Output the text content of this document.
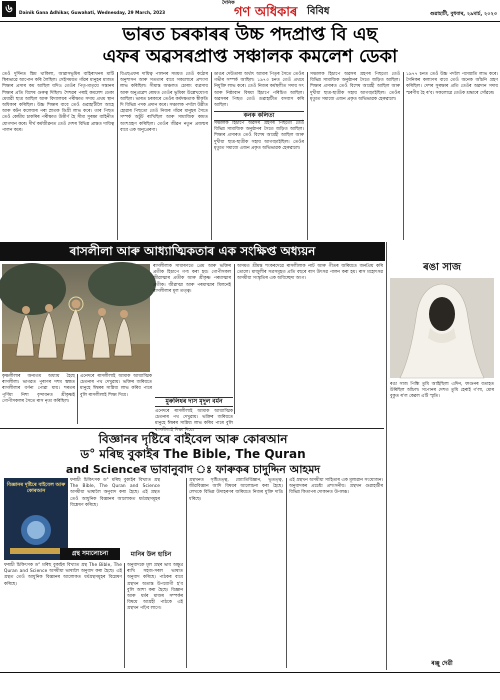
৬	Dainik Gana Adhikar, Guwahati, Wednesday, 29 March, 2023
দৈনিক
গণ অধিকাৰ বিবিধ	গুৱাহাটী, বুধবাৰ, ২৯মাৰ্চ, ২০২৩
ভাৰত চৰকাৰৰ উচ্চ পদপ্ৰাপ্ত বি এছ
এফৰ অৱসৰপ্ৰাপ্ত সঞ্চালক কমলেশ ডেকা
তেওঁ দুৰ্দিনত স্তিম থাকিলা, আৱাসভূমিৰ বাহিৰাখনৰ মাটি স্থিৰভাৱে আপোন কৰি লৈছিল। সেইসময়ত গাঁৱৰ মানুহৰ মাজত শিক্ষাৰ প্ৰসাৰ কম আছিল যদিও তেওঁৰ পিতৃ-মাতৃয়ে সন্তানৰ শিক্ষাৰ প্ৰতি বিশেষ গুৰুত্ব দিছিল। শৈশৱৰ পৰাই কমলেশ ডেকা মেধাৱী ছাত্ৰ আছিল আৰু বিদ্যালয়ৰ পৰীক্ষাত সদায় প্ৰথম স্থান অধিকাৰ কৰিছিল। উচ্চ শিক্ষাৰ বাবে তেওঁ গুৱাহাটীলৈ আহে আৰু কটন কলেজৰ পৰা স্নাতক ডিগ্ৰী লাভ কৰে। তাৰ পিছত তেওঁ কেন্দ্ৰীয় চাকৰিৰ পৰীক্ষাত উত্তীৰ্ণ হৈ সীমা সুৰক্ষা বাহিনীত যোগদান কৰে। দীৰ্ঘ কৰ্মজীৱনত তেওঁ দেশৰ বিভিন্ন প্ৰান্তত দায়িত্ব পালন কৰে।
বিএছএফৰ দায়িত্ব পালনৰ সময়ত তেওঁ কঠোৰ অনুশাসন আৰু সততাৰ বাবে সকলোৰে প্ৰশংসা লাভ কৰিছিল। সীমান্ত অঞ্চলত চোৰাং ব্যৱসায় আৰু অনুপ্ৰৱেশ ৰোধত তেওঁৰ ভূমিকা উল্লেখযোগ্য আছিল। ভাৰত চৰকাৰে তেওঁৰ কৰ্মদক্ষতাক স্বীকৃতি দি বিভিন্ন পদক প্ৰদান কৰে। সঞ্চালক পদলৈ উন্নীত হোৱাৰ পিছতো তেওঁ নিজৰ গাঁৱৰ মানুহৰ সৈতে সম্পৰ্ক অটুট ৰাখিছিল আৰু সামাজিক কামত অংশগ্ৰহণ কৰিছিল। তেওঁৰ জীৱন নতুন প্ৰজন্মৰ বাবে এক অনুপ্ৰেৰণা।
ডাঙৰ দেউতাৰা অৰ্থাৎ আমাৰ পিতৃৰ সৈতে তেওঁৰ গভীৰ সম্পৰ্ক আছিল। ১৯৭৩ চনত তেওঁ প্ৰথমে নিযুক্তি লাভ কৰে। তেওঁ নিজৰ কৰ্মস্থলীত সদায় সৎ আৰু নিষ্ঠাবান বিষয়া হিচাপে পৰিচিত আছিল। অৱসৰৰ পিছত তেওঁ গুৱাহাটীত বসবাস কৰি আছিল।
কনক কলিতা
সঞ্চালক হিচাপে অৱসৰ গ্ৰহণৰ পিছতো তেওঁ বিভিন্ন সামাজিক অনুষ্ঠানৰ সৈতে জড়িত আছিল। শিক্ষাৰ প্ৰসাৰত তেওঁ বিশেষ আগ্ৰহী আছিল আৰু দুখীয়া ছাত্ৰ-ছাত্ৰীক সহায় আগবঢ়াইছিল। তেওঁৰ মৃত্যুত সমাজে এজন প্ৰকৃত অভিভাৱক হেৰুৱালে।
সঞ্চালক হিচাপে অৱসৰ গ্ৰহণৰ পিছতো তেওঁ বিভিন্ন সামাজিক অনুষ্ঠানৰ সৈতে জড়িত আছিল। শিক্ষাৰ প্ৰসাৰত তেওঁ বিশেষ আগ্ৰহী আছিল আৰু দুখীয়া ছাত্ৰ-ছাত্ৰীক সহায় আগবঢ়াইছিল। তেওঁৰ মৃত্যুত সমাজে এজন প্ৰকৃত অভিভাৱক হেৰুৱালে।
১৯৭৭ চনত তেওঁ উচ্চ পদলৈ পদোন্নতি লাভ কৰে। সৈনিকৰ কল্যাণৰ বাবে তেওঁ অনেক আঁচনি গ্ৰহণ কৰিছিল। দেশৰ সুৰক্ষাৰ প্ৰতি তেওঁৰ অৱদান সদায় স্মৰণীয় হৈ ৰ'ব। সকলোৱে তেওঁক শ্ৰদ্ধাৰে সোঁৱৰে।
ৰাসলীলা আৰু আধ্যাত্মিকতাৰ এক সংক্ষিপ্ত অধ্যয়ন
ৰাসলীলাক সাধাৰণতে প্ৰেম আৰু ভক্তিৰ প্ৰতীক হিচাপে গণ্য কৰা হয়। গোপীসকল জীৱাত্মাৰ প্ৰতীক আৰু শ্ৰীকৃষ্ণ পৰমাত্মাৰ প্ৰতীক। জীৱাত্মা আৰু পৰমাত্মাৰ মিলনেই ৰাসলীলাৰ মূল তত্ত্ব।
অসমত শ্ৰীমন্ত শংকৰদেৱে ৰাসলীলাক নাট আৰু গীতৰ জৰিয়তে জনপ্ৰিয় কৰি তোলে। মাজুলীৰ সত্ৰসমূহত প্ৰতি বছৰে ৰাস উৎসৱ পালন কৰা হয়। ৰাস মহোৎসৱ অসমীয়া সংস্কৃতিৰ এক অবিচ্ছেদ্য অংগ।
কৃষ্ণলীলাৰ অন্যতম অধ্যায় হৈছে ৰাসলীলা। ভাগৱত পুৰাণৰ দশম স্কন্ধত ৰাসলীলাৰ বৰ্ণনা পোৱা যায়। শৰতৰ পূৰ্ণিমা নিশা বৃন্দাবনত শ্ৰীকৃষ্ণই গোপীসকলৰ সৈতে ৰাস নৃত্য কৰিছিল।
এনেদৰে ৰাসলীলাই আমাক আধ্যাত্মিক চেতনাৰ পথ দেখুৱায়। ভক্তিৰ জৰিয়তে মানুহে ঈশ্বৰৰ সান্নিধ্য লাভ কৰিব পাৰে বুলি ৰাসলীলাই শিক্ষা দিয়ে।
মুৰুলিধৰ দাস মৃদুল বৰ্মন
এনেদৰে ৰাসলীলাই আমাক আধ্যাত্মিক চেতনাৰ পথ দেখুৱায়। ভক্তিৰ জৰিয়তে মানুহে ঈশ্বৰৰ সান্নিধ্য লাভ কৰিব পাৰে বুলি ৰাসলীলাই শিক্ষা দিয়ে।
ৰঙা সাজ
ৰঙা সাজ পিন্ধি তুমি আহিছিলা এদিন, ফাগুনৰ বতাহত উৰিছিল আঁচল। সপোনৰ দেশত তুমি হেৰাই গ'লা, মোৰ বুকুত ৰ'ল কেৱল এটি স্মৃতি।
বিজ্ঞানৰ দৃষ্টিৰে বাইবেল আৰু কোৰআন
ড° মৰিছ বুকাইৰ The Bible, The Quran
and Scienceৰ ভাবানুবাদ ঃ ফাৰুকৰ চাদুদ্দিন আহমদ
বিজ্ঞানৰ দৃষ্টিৰে বাইবেল আৰু কোৰআন
ফৰাচী চিকিৎসক ড° মৰিছ বুকাইৰ বিখ্যাত গ্ৰন্থ The Bible, The Quran and Science অসমীয়া ভাষালৈ অনুবাদ কৰা হৈছে। এই গ্ৰন্থত তেওঁ আধুনিক বিজ্ঞানৰ আলোকত ধৰ্মগ্ৰন্থসমূহৰ বিশ্লেষণ কৰিছে।
গ্ৰন্থ সমালোচনা	মানিৰ উল হাচিন
ফৰাচী চিকিৎসক ড° মৰিছ বুকাইৰ বিখ্যাত গ্ৰন্থ The Bible, The Quran and Science অসমীয়া ভাষালৈ অনুবাদ কৰা হৈছে। এই গ্ৰন্থত তেওঁ আধুনিক বিজ্ঞানৰ আলোকত ধৰ্মগ্ৰন্থসমূহৰ বিশ্লেষণ কৰিছে।
অনুবাদকে মূল গ্ৰন্থৰ ভাব অক্ষুণ্ণ ৰাখি সহজ-সৰল ভাষাত অনুবাদ কৰিছে। পাঠকৰ বাবে গ্ৰন্থখন অত্যন্ত উপযোগী হ'ব বুলি আশা কৰা হৈছে। বিজ্ঞান আৰু ধৰ্মৰ মাজৰ সম্পৰ্কৰ বিষয়ে আগ্ৰহী পাঠকে এই গ্ৰন্থখন পঢ়িব লাগে।
গ্ৰন্থখনত সৃষ্টিতত্ত্ব, জ্যোতিৰ্বিজ্ঞান, ভূতত্ত্ব, জীৱবিজ্ঞান আদি বিষয়ৰ আলোচনা কৰা হৈছে। লেখকে বিভিন্ন উদাহৰণৰ জৰিয়তে নিজৰ যুক্তি দাঙি ধৰিছে।
এই গ্ৰন্থখন অসমীয়া সাহিত্যৰ এক মূল্যৱান সংযোজন। অনুবাদকৰ প্ৰচেষ্টা প্ৰশংসনীয়। গ্ৰন্থখন গুৱাহাটীৰ বিভিন্ন কিতাপৰ দোকানত উপলব্ধ।
ৰঞ্জু দেৱী
